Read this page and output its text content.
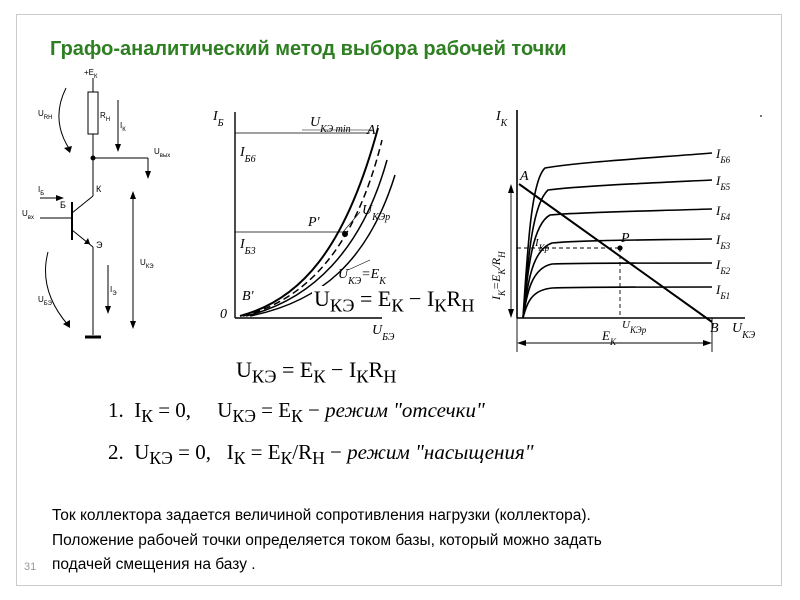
Графо-аналитический метод выбора рабочей точки
$+E_К$
$R_Н$
$I_К$
$U_{RН}$
$U_{вых}$
$I_Б$
$U_{вх}$
$U_{КЭ}$
$I_Э$
$U_{БЭ}$
Б
К
Э
$I_Б$
$U_{БЭ}$
0
$I_{Б6}$
$I_{Б3}$
$U_{КЭ min}$
$U_{КЭр}$
$U_{КЭ}=E_К$
A'
P'
B'
$I_К$
$U_{КЭ}$
A
P
B
$I_{Б6}$
$I_{Б5}$
$I_{Б4}$
$I_{Б3}$
$I_{Б2}$
$I_{Б1}$
$I_{Кр}$
$U_{КЭр}$
$E_К$
$I_К=E_К/R_Н$
$U_{КЭ} = E_К - I_КR_Н$
$U_{КЭ} = E_К - I_КR_Н$
1.  $I_К = 0$,     $U_{КЭ} = E_К$ − режим "отсечки"
2.  $U_{КЭ} = 0$,   $I_К = E_К/R_Н$ − режим "насыщения"
Ток коллектора задается величиной сопротивления нагрузки (коллектора).
Положение рабочей точки определяется током базы, который можно задать
подачей смещения на базу .
31
